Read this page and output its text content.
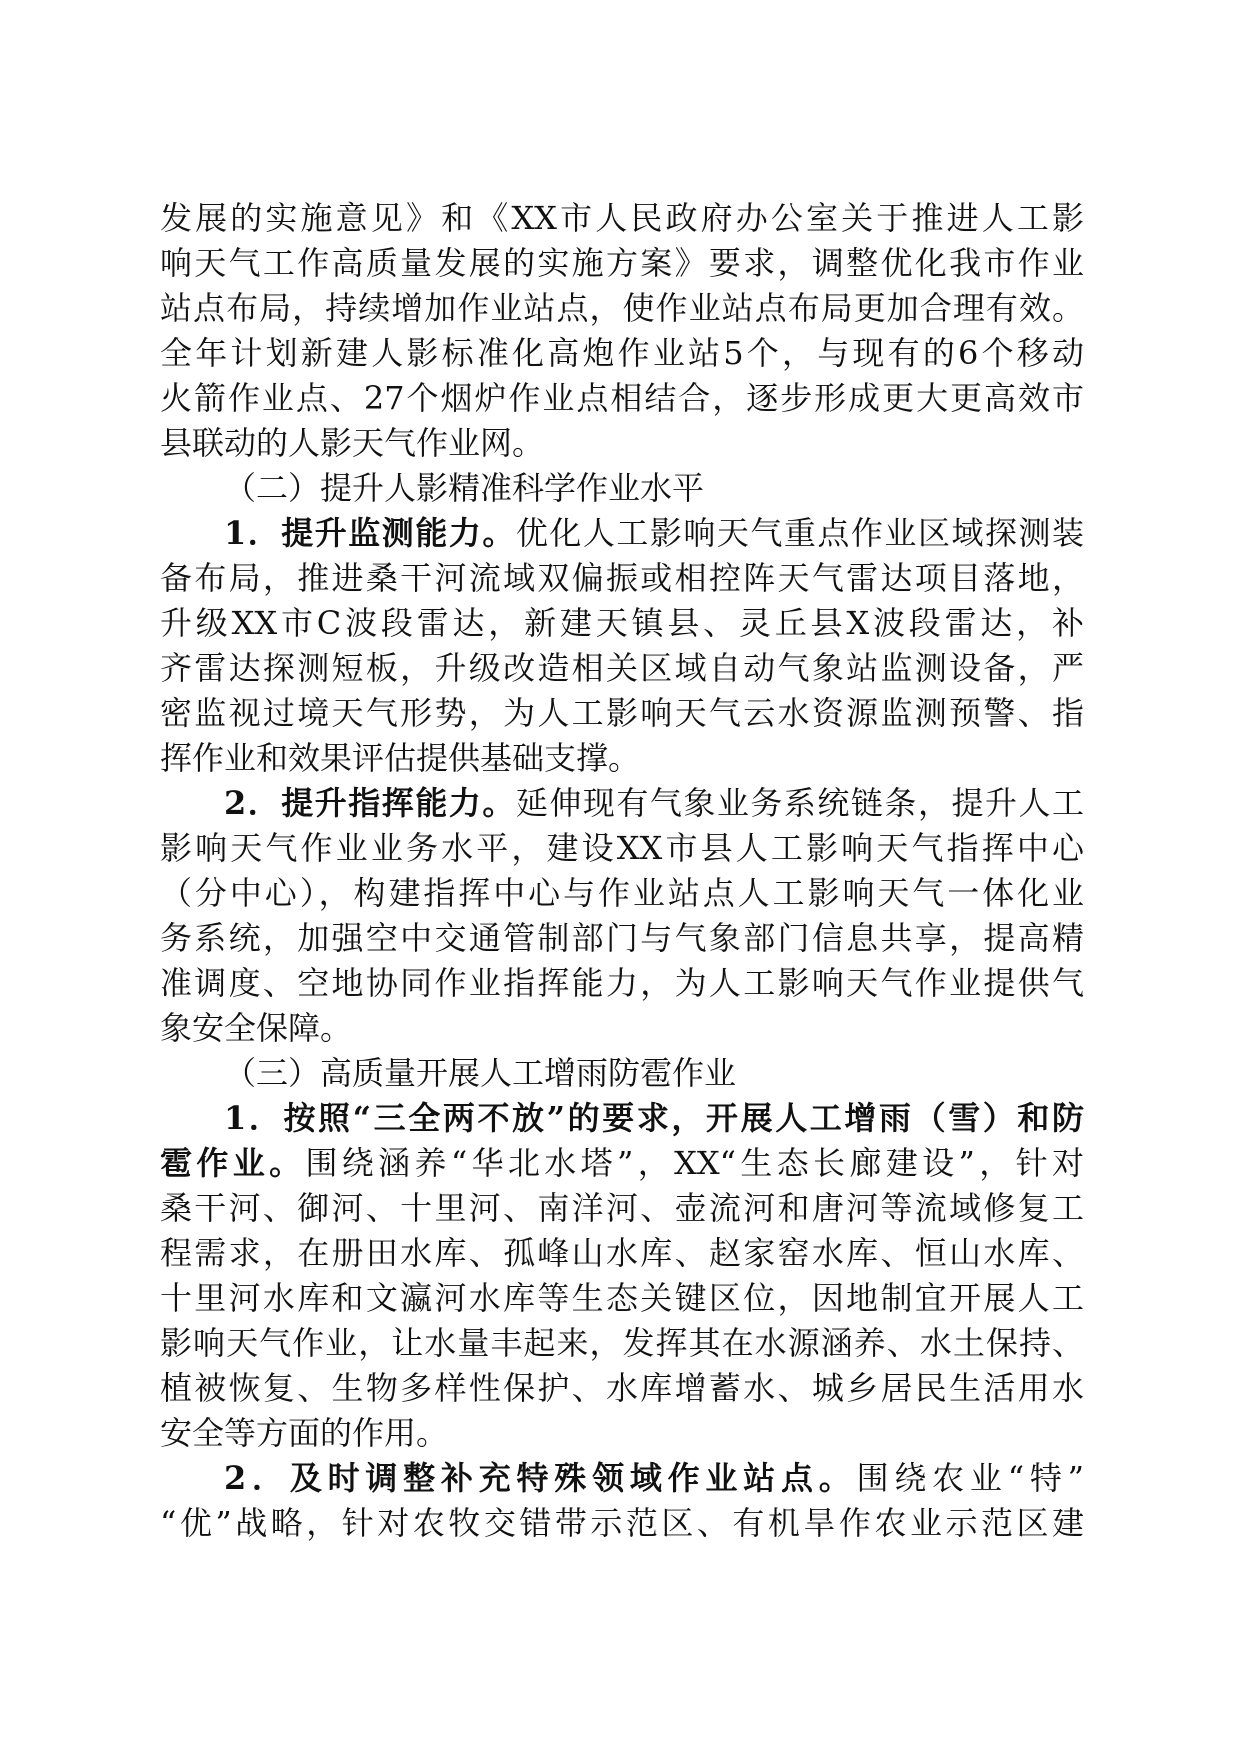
发展的实施意见》和《XX市人民政府办公室关于推进人工影
响天气工作高质量发展的实施方案》要求，调整优化我市作业
站点布局，持续增加作业站点，使作业站点布局更加合理有效。
全年计划新建人影标准化高炮作业站5个，与现有的6个移动
火箭作业点、27个烟炉作业点相结合，逐步形成更大更高效市
县联动的人影天气作业网。
（二）提升人影精准科学作业水平
1．提升监测能力。优化人工影响天气重点作业区域探测装
备布局，推进桑干河流域双偏振或相控阵天气雷达项目落地，
升级XX市C波段雷达，新建天镇县、灵丘县X波段雷达，补
齐雷达探测短板，升级改造相关区域自动气象站监测设备，严
密监视过境天气形势，为人工影响天气云水资源监测预警、指
挥作业和效果评估提供基础支撑。
2．提升指挥能力。延伸现有气象业务系统链条，提升人工
影响天气作业业务水平，建设XX市县人工影响天气指挥中心
（分中心），构建指挥中心与作业站点人工影响天气一体化业
务系统，加强空中交通管制部门与气象部门信息共享，提高精
准调度、空地协同作业指挥能力，为人工影响天气作业提供气
象安全保障。
（三）高质量开展人工增雨防雹作业
1．按照“三全两不放”的要求，开展人工增雨（雪）和防
雹作业。围绕涵养“华北水塔”，XX“生态长廊建设”，针对
桑干河、御河、十里河、南洋河、壶流河和唐河等流域修复工
程需求，在册田水库、孤峰山水库、赵家窑水库、恒山水库、
十里河水库和文瀛河水库等生态关键区位，因地制宜开展人工
影响天气作业，让水量丰起来，发挥其在水源涵养、水土保持、
植被恢复、生物多样性保护、水库增蓄水、城乡居民生活用水
安全等方面的作用。
2．及时调整补充特殊领域作业站点。围绕农业“特”
“优”战略，针对农牧交错带示范区、有机旱作农业示范区建
